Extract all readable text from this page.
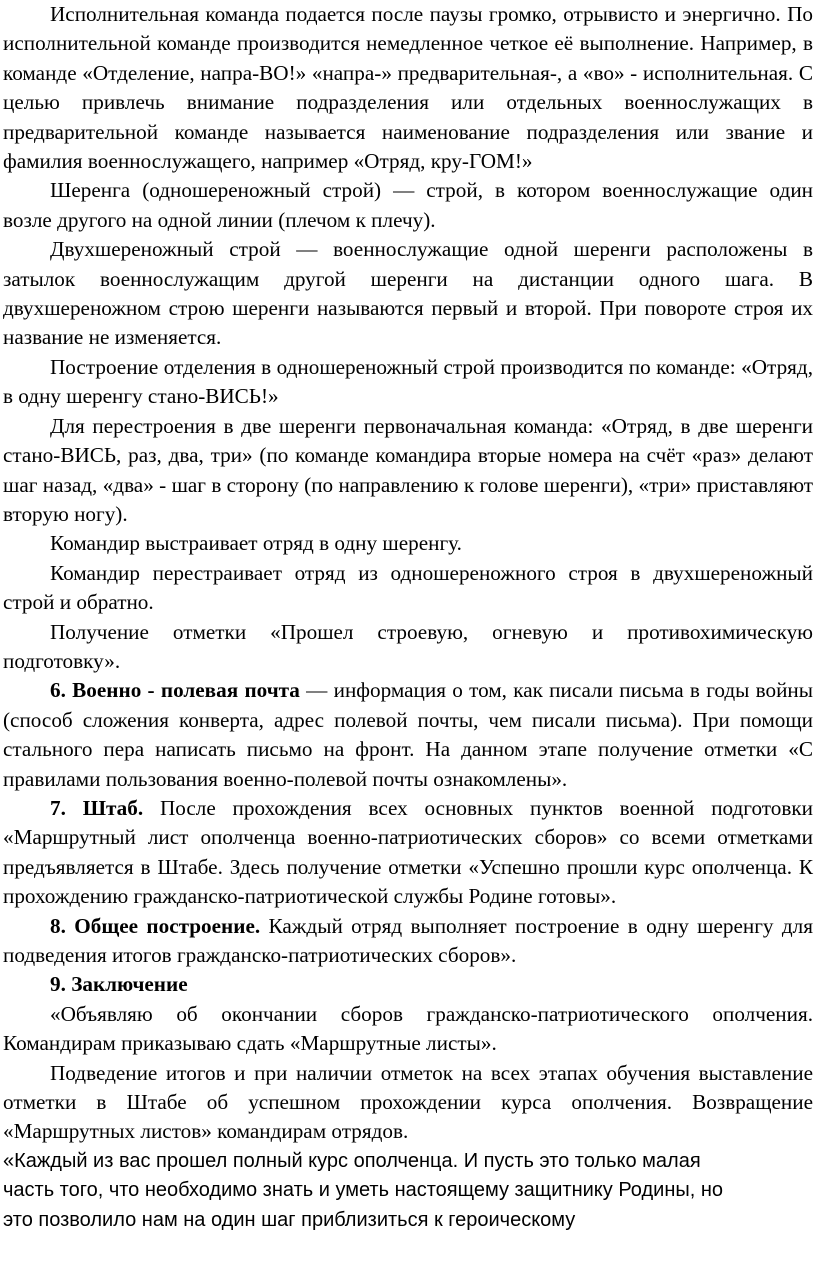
Исполнительная команда подается после паузы громко, отрывисто и энергично. По исполнительной команде производится немедленное четкое её выполнение. Например, в команде «Отделение, напра-ВО!» «напра-» предварительная-, а «во» - исполнительная. С целью привлечь внимание подразделения или отдельных военнослужащих в предварительной команде называется наименование подразделения или звание и фамилия военнослужащего, например «Отряд, кру-ГОМ!»

Шеренга (одношереножный строй) — строй, в котором военнослужащие один возле другого на одной линии (плечом к плечу).

Двухшереножный строй — военнослужащие одной шеренги расположены в затылок военнослужащим другой шеренги на дистанции одного шага. В двухшереножном строю шеренги называются первый и второй. При повороте строя их название не изменяется.

Построение отделения в одношереножный строй производится по команде: «Отряд, в одну шеренгу стано-ВИСЬ!»

Для перестроения в две шеренги первоначальная команда: «Отряд, в две шеренги стано-ВИСЬ, раз, два, три» (по команде командира вторые номера на счёт «раз» делают шаг назад, «два» - шаг в сторону (по направлению к голове шеренги), «три» приставляют вторую ногу).

Командир выстраивает отряд в одну шеренгу.

Командир перестраивает отряд из одношереножного строя в двухшереножный строй и обратно.

Получение отметки «Прошел строевую, огневую и противохимическую подготовку».

6. Военно - полевая почта — информация о том, как писали письма в годы войны (способ сложения конверта, адрес полевой почты, чем писали письма). При помощи стального пера написать письмо на фронт. На данном этапе получение отметки «С правилами пользования военно-полевой почты ознакомлены».

7. Штаб. После прохождения всех основных пунктов военной подготовки «Маршрутный лист ополченца военно-патриотических сборов» со всеми отметками предъявляется в Штабе. Здесь получение отметки «Успешно прошли курс ополченца. К прохождению гражданско-патриотической службы Родине готовы».

8. Общее построение. Каждый отряд выполняет построение в одну шеренгу для подведения итогов гражданско-патриотических сборов».

9. Заключение

«Объявляю об окончании сборов гражданско-патриотического ополчения. Командирам приказываю сдать «Маршрутные листы».

Подведение итогов и при наличии отметок на всех этапах обучения выставление отметки в Штабе об успешном прохождении курса ополчения. Возвращение «Маршрутных листов» командирам отрядов.

«Каждый из вас прошел полный курс ополченца. И пусть это только малая

часть того, что необходимо знать и уметь настоящему защитнику Родины, но

это позволило нам на один шаг приблизиться к героическому
